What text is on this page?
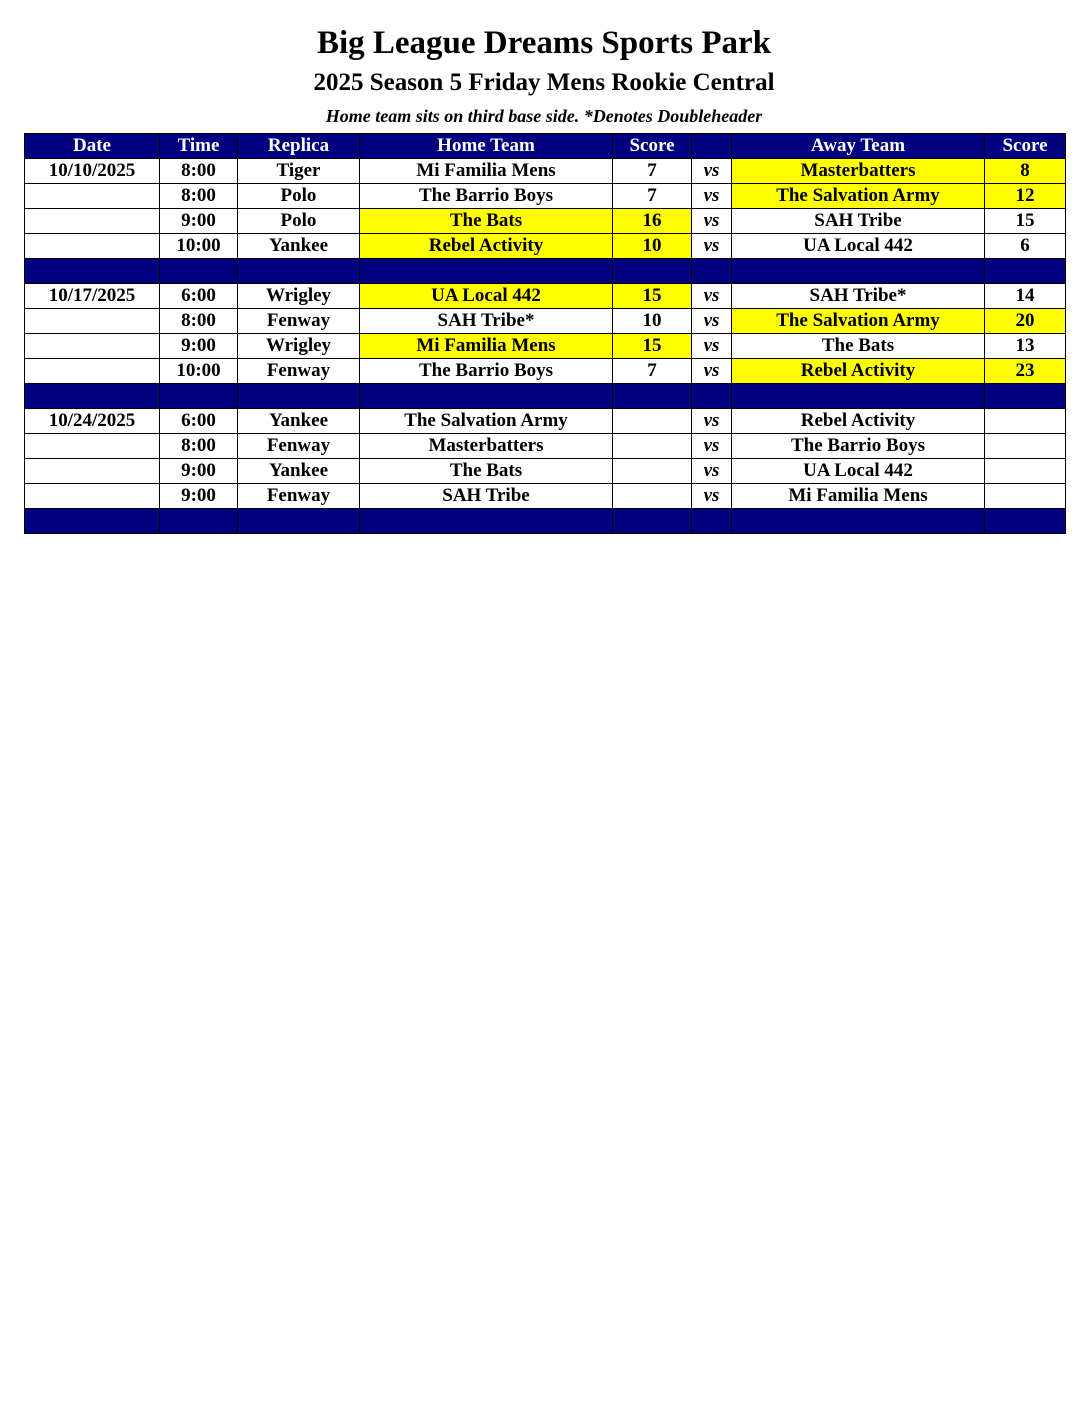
Big League Dreams Sports Park
2025 Season 5 Friday Mens Rookie Central
Home team sits on third base side. *Denotes Doubleheader
Date	Time	Replica	Home Team	Score		Away Team	Score
10/10/2025	8:00	Tiger	Mi Familia Mens	7	vs	Masterbatters	8
	8:00	Polo	The Barrio Boys	7	vs	The Salvation Army	12
	9:00	Polo	The Bats	16	vs	SAH Tribe	15
	10:00	Yankee	Rebel Activity	10	vs	UA Local 442	6

10/17/2025	6:00	Wrigley	UA Local 442	15	vs	SAH Tribe*	14
	8:00	Fenway	SAH Tribe*	10	vs	The Salvation Army	20
	9:00	Wrigley	Mi Familia Mens	15	vs	The Bats	13
	10:00	Fenway	The Barrio Boys	7	vs	Rebel Activity	23

10/24/2025	6:00	Yankee	The Salvation Army		vs	Rebel Activity	
	8:00	Fenway	Masterbatters		vs	The Barrio Boys	
	9:00	Yankee	The Bats		vs	UA Local 442	
	9:00	Fenway	SAH Tribe		vs	Mi Familia Mens	
